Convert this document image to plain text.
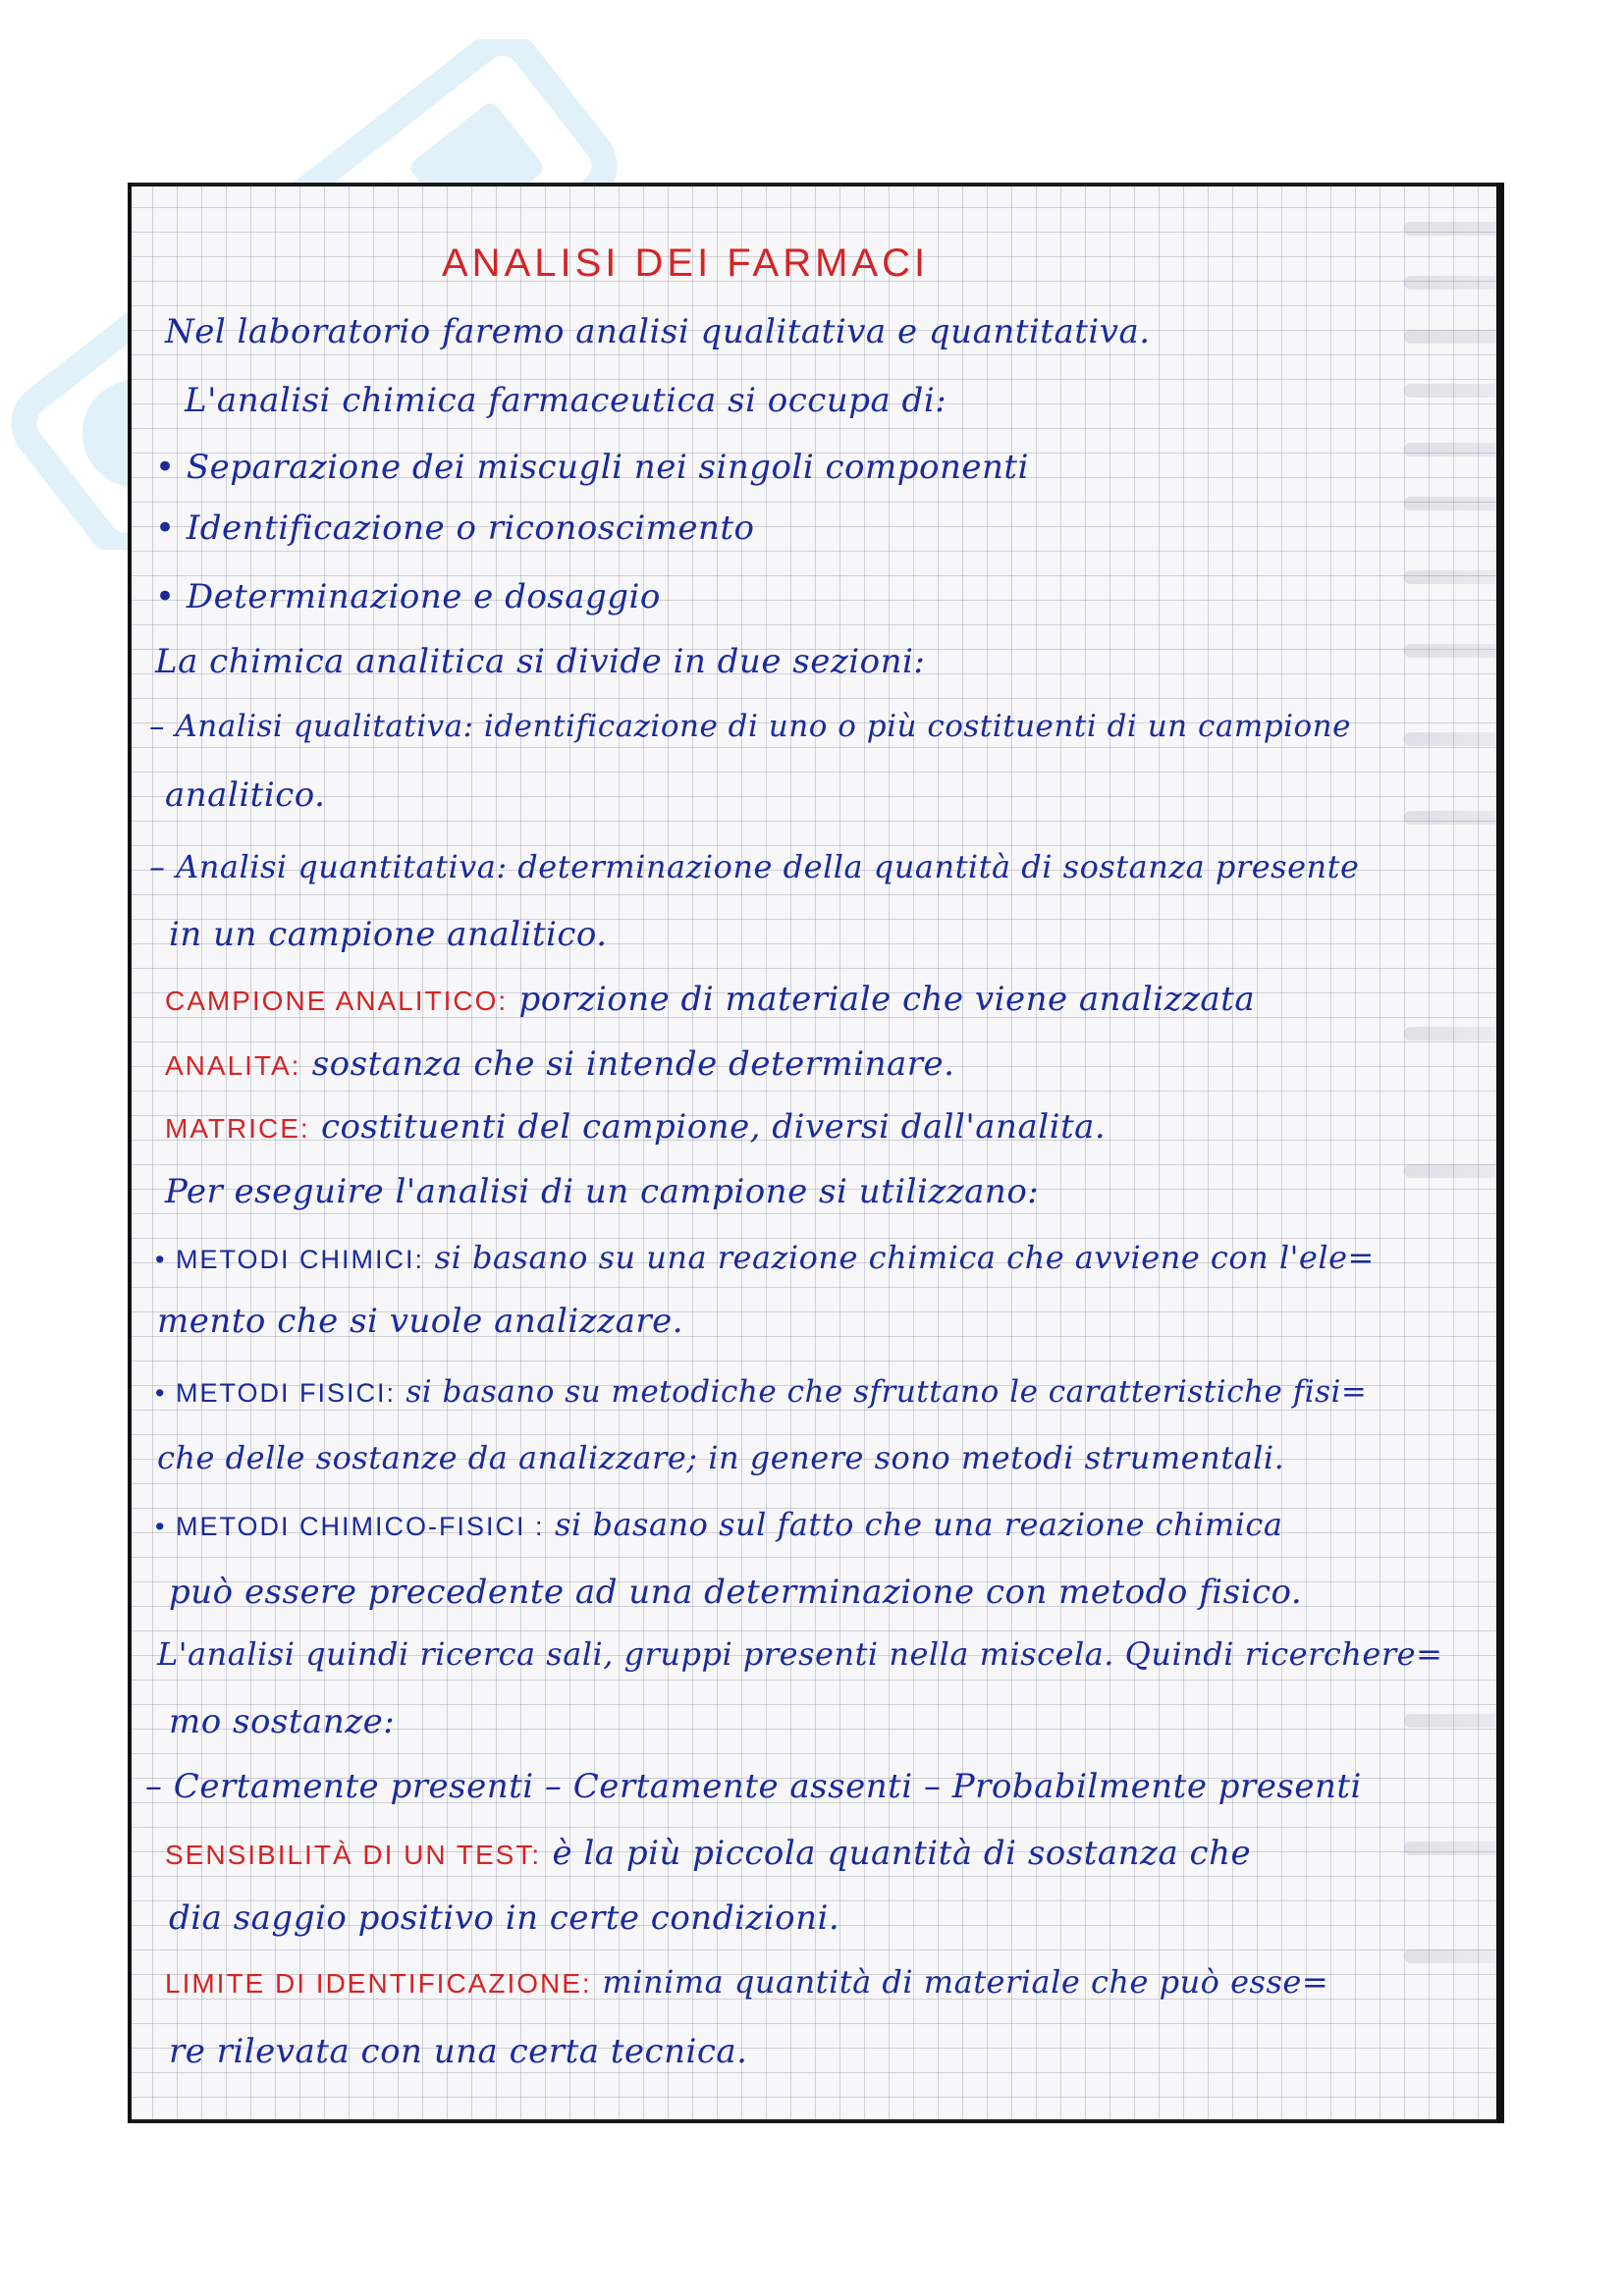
ANALISI DEI FARMACI
Nel laboratorio faremo analisi qualitativa e quantitativa.
L'analisi chimica farmaceutica si occupa di:
• Separazione dei miscugli nei singoli componenti
• Identificazione o riconoscimento
• Determinazione e dosaggio
La chimica analitica si divide in due sezioni:
– Analisi qualitativa: identificazione di uno o più costituenti di un campione
analitico.
– Analisi quantitativa: determinazione della quantità di sostanza presente
in un campione analitico.
CAMPIONE ANALITICO: porzione di materiale che viene analizzata
ANALITA: sostanza che si intende determinare.
MATRICE: costituenti del campione, diversi dall'analita.
Per eseguire l'analisi di un campione si utilizzano:
• METODI CHIMICI: si basano su una reazione chimica che avviene con l'ele=
mento che si vuole analizzare.
• METODI FISICI: si basano su metodiche che sfruttano le caratteristiche fisi=
che delle sostanze da analizzare; in genere sono metodi strumentali.
• METODI CHIMICO-FISICI : si basano sul fatto che una reazione chimica
può essere precedente ad una determinazione con metodo fisico.
L'analisi quindi ricerca sali, gruppi presenti nella miscela. Quindi ricerchere=
mo sostanze:
– Certamente presenti – Certamente assenti – Probabilmente presenti
SENSIBILITÀ DI UN TEST: è la più piccola quantità di sostanza che
dia saggio positivo in certe condizioni.
LIMITE DI IDENTIFICAZIONE: minima quantità di materiale che può esse=
re rilevata con una certa tecnica.
